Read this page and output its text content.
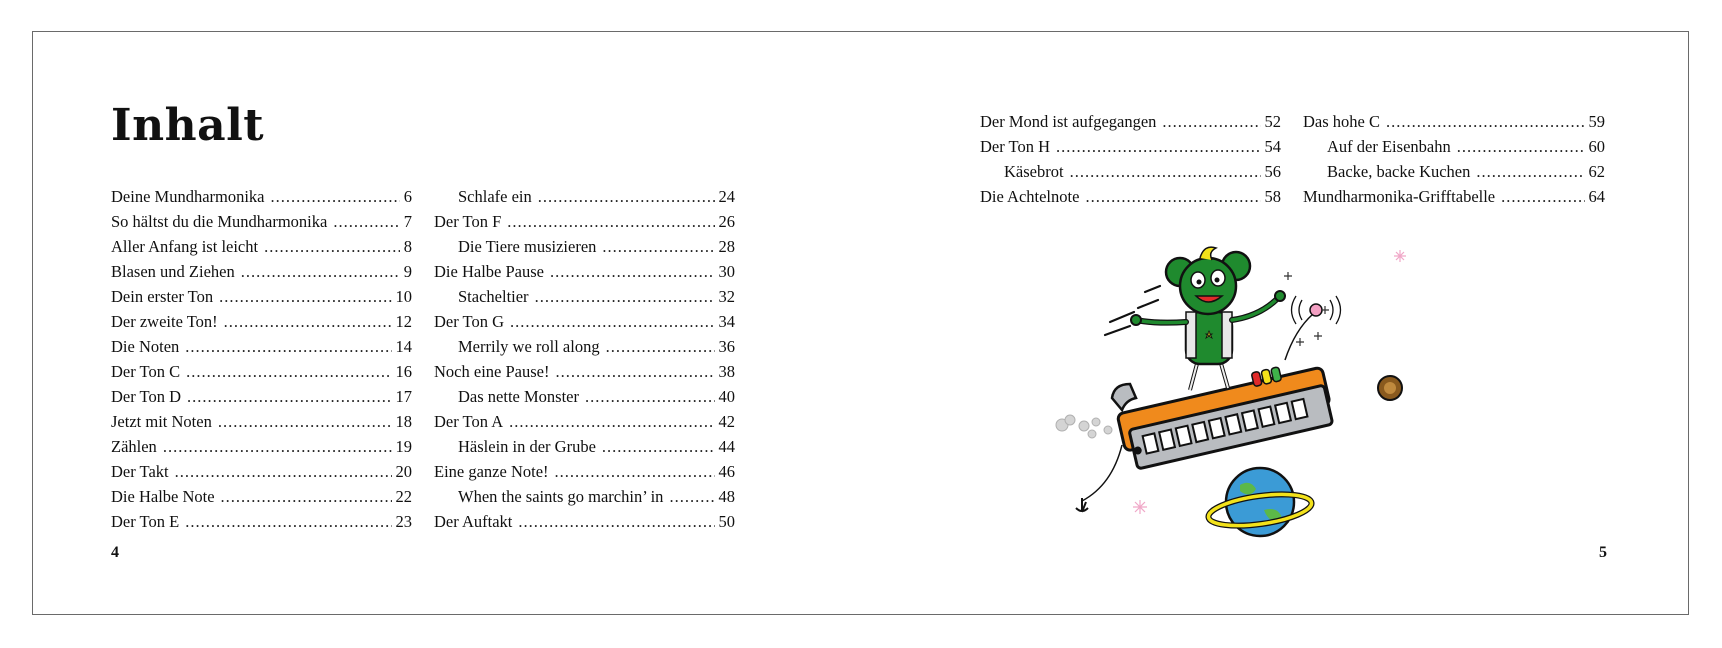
Inhalt
Deine Mundharmonika .....	6
So hältst du die Mundharmonika .....	7
Aller Anfang ist leicht .....	8
Blasen und Ziehen .....	9
Dein erster Ton .....	10
Der zweite Ton! .....	12
Die Noten .....	14
Der Ton C .....	16
Der Ton D .....	17
Jetzt mit Noten .....	18
Zählen .....	19
Der Takt .....	20
Die Halbe Note .....	22
Der Ton E .....	23
Schlafe ein .....	24
Der Ton F .....	26
Die Tiere musizieren .....	28
Die Halbe Pause .....	30
Stacheltier .....	32
Der Ton G .....	34
Merrily we roll along .....	36
Noch eine Pause! .....	38
Das nette Monster .....	40
Der Ton A .....	42
Häslein in der Grube .....	44
Eine ganze Note! .....	46
When the saints go marchin’ in .....	48
Der Auftakt .....	50
Der Mond ist aufgegangen .....	52
Der Ton H .....	54
Käsebrot .....	56
Die Achtelnote .....	58
Das hohe C .....	59
Auf der Eisenbahn .....	60
Backe, backe Kuchen .....	62
Mundharmonika-Grifftabelle .....	64

4	5
